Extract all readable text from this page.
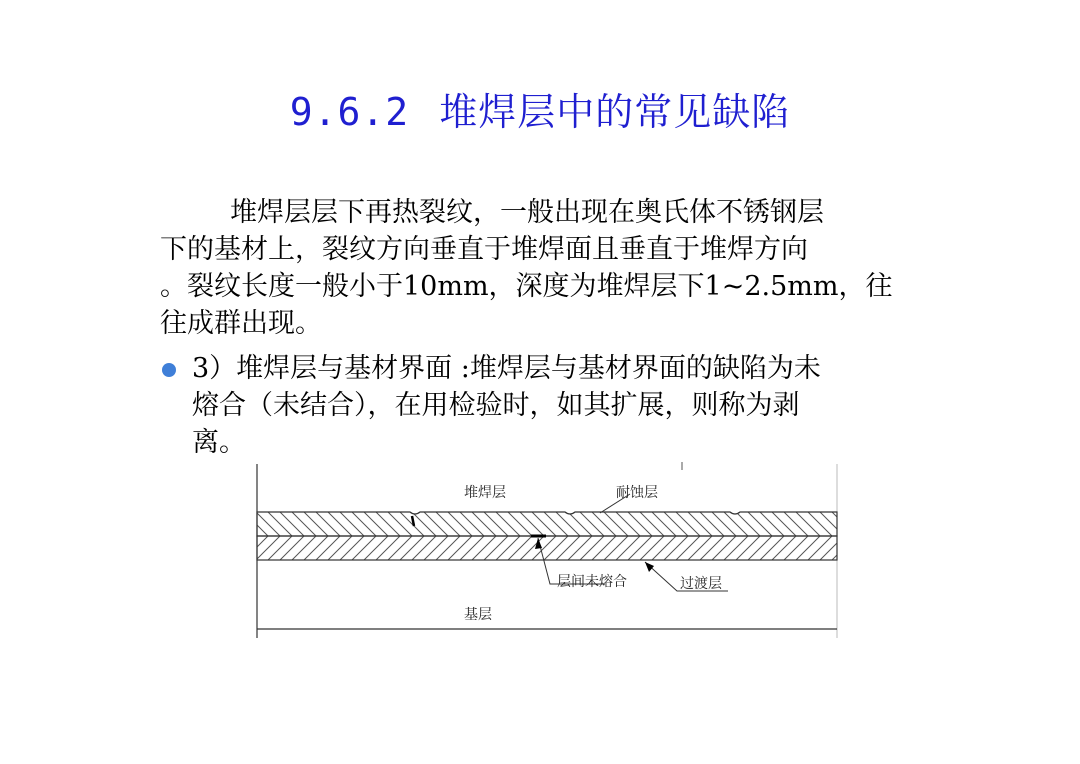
9.6.2 堆焊层中的常见缺陷
堆焊层层下再热裂纹，一般出现在奥氏体不锈钢层
下的基材上，裂纹方向垂直于堆焊面且垂直于堆焊方向
。裂纹长度一般小于10mm，深度为堆焊层下1~2.5mm，往
往成群出现。

3）堆焊层与基材界面 :堆焊层与基材界面的缺陷为未
熔合（未结合），在用检验时，如其扩展，则称为剥
离。

堆焊层	耐蚀层
层间未熔合	过渡层
基层
